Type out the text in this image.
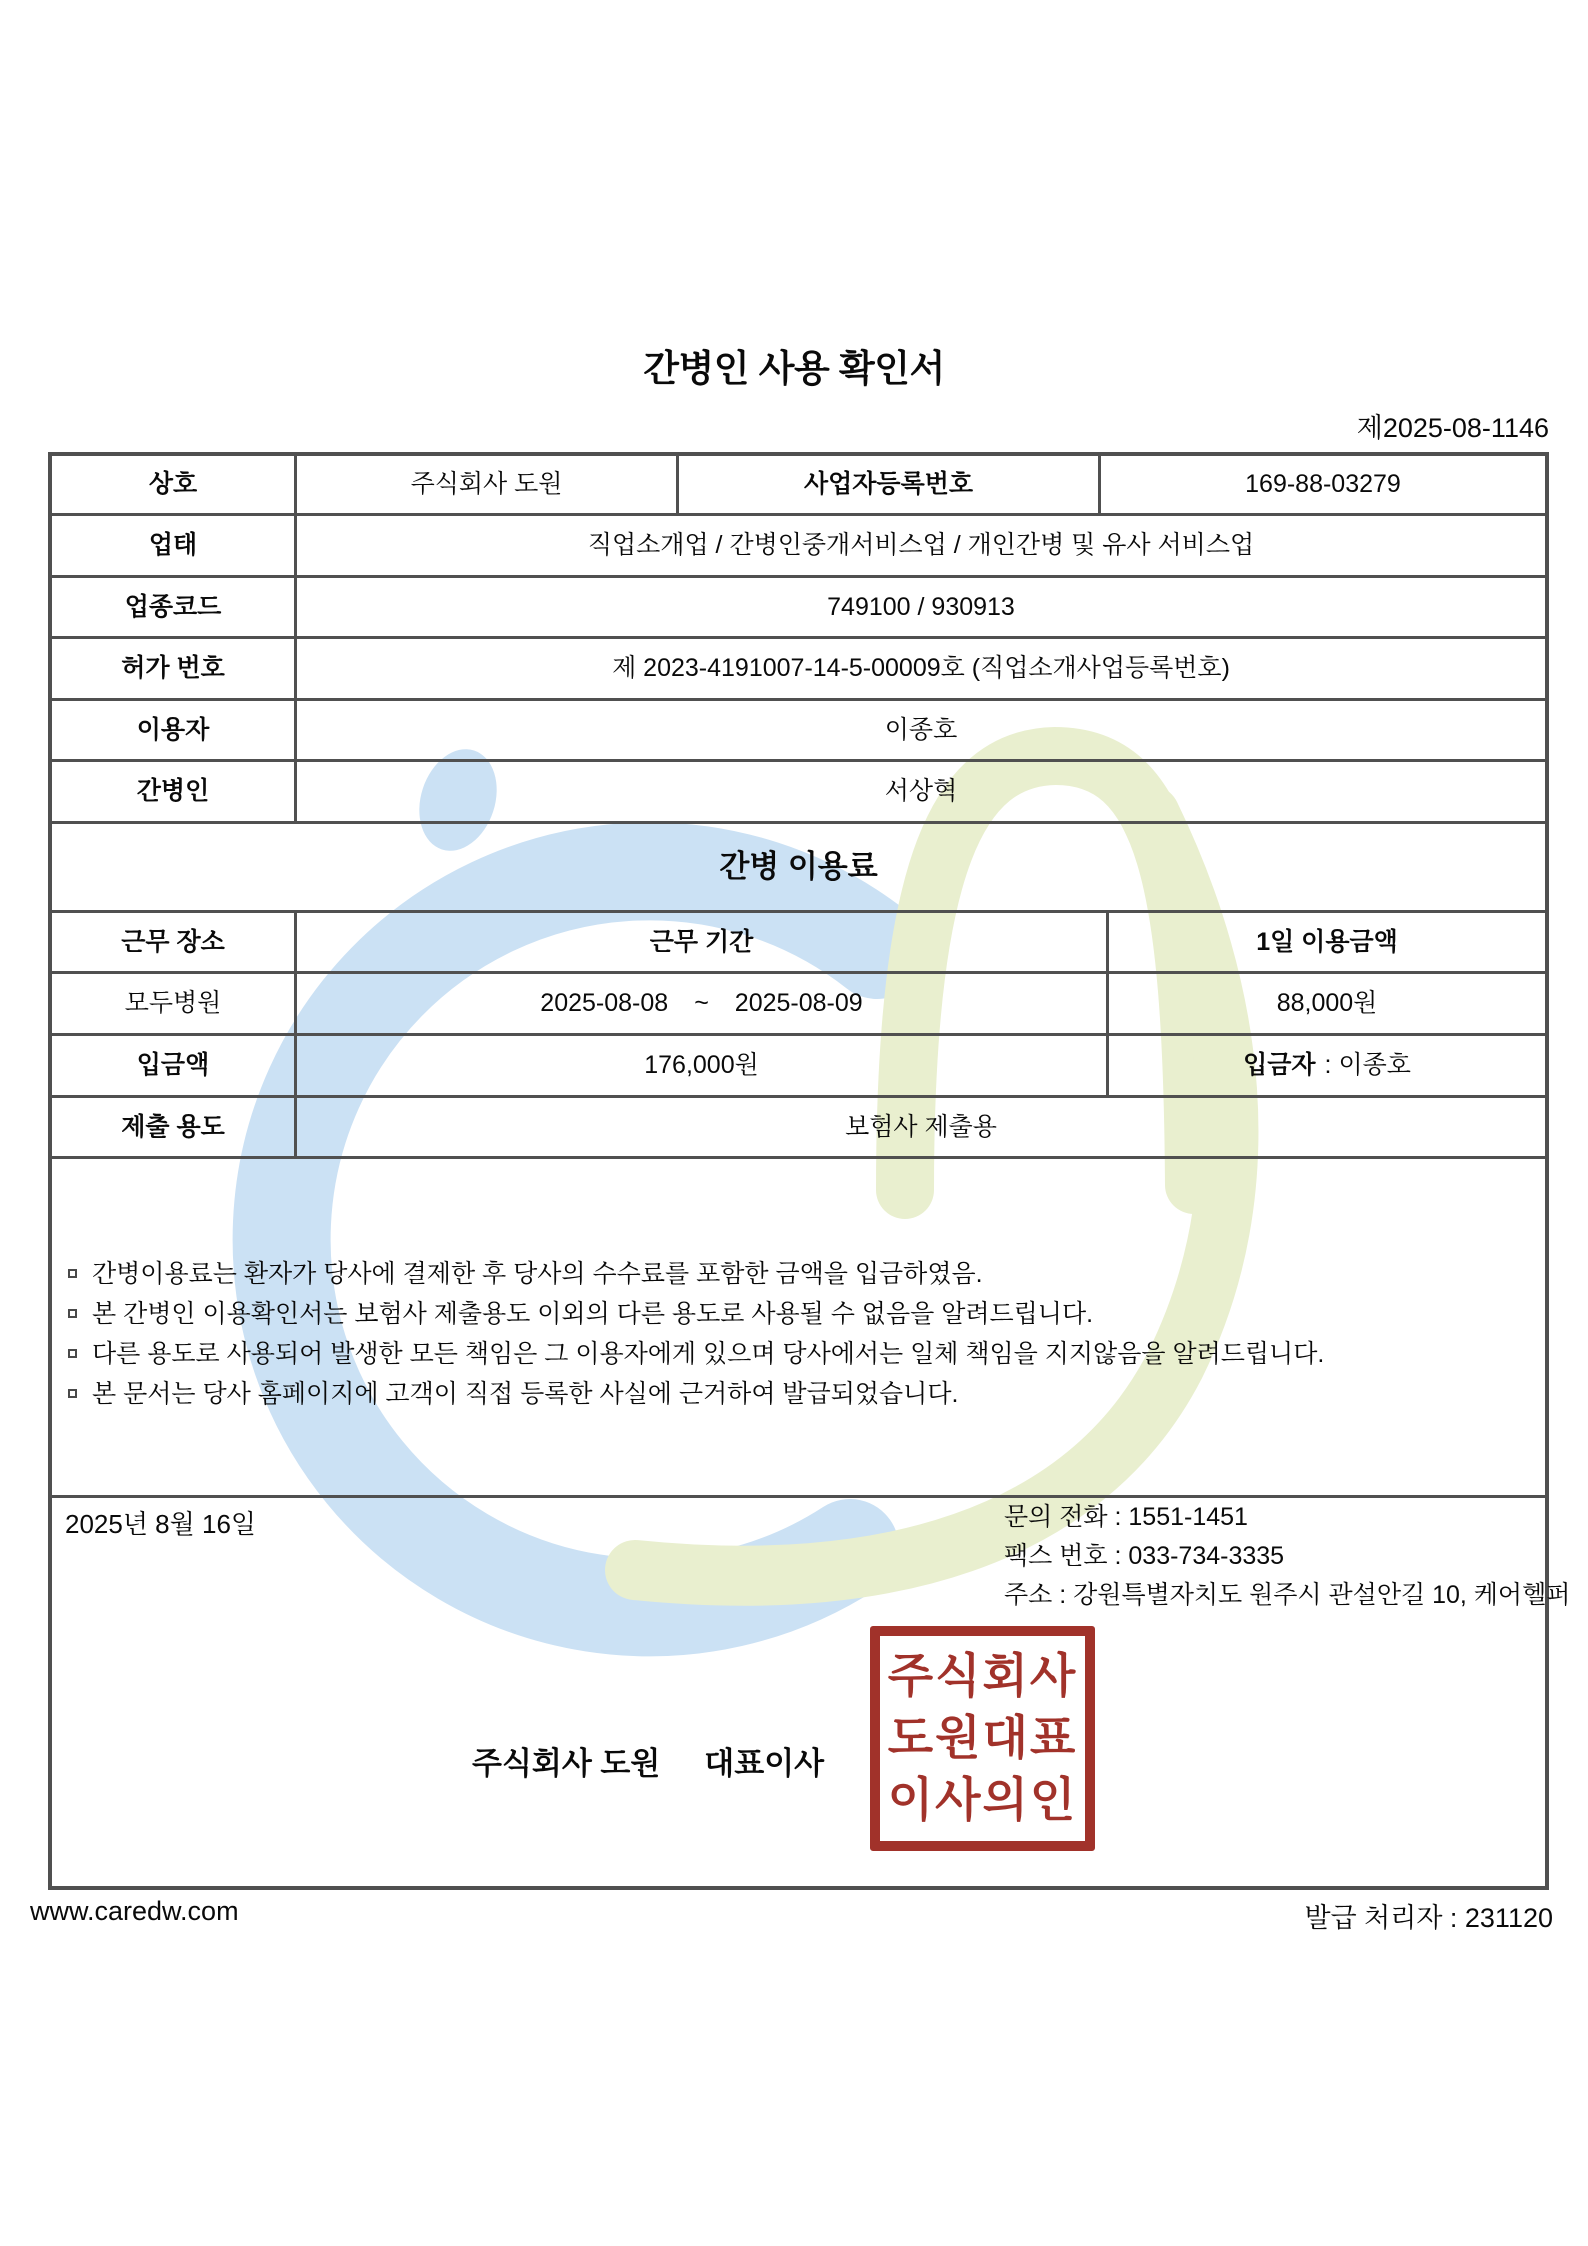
간병인 사용 확인서
제2025-08-1146
상호	주식회사 도원	사업자등록번호	169-88-03279
업태	직업소개업 / 간병인중개서비스업 / 개인간병 및 유사 서비스업
업종코드	749100 / 930913
허가 번호	제 2023-4191007-14-5-00009호 (직업소개사업등록번호)
이용자	이종호
간병인	서상혁
간병 이용료
근무 장소	근무 기간	1일 이용금액
모두병원	2025-08-08 ~ 2025-08-09	88,000원
입금액	176,000원	입금자 : 이종호
제출 용도	보험사 제출용
간병이용료는 환자가 당사에 결제한 후 당사의 수수료를 포함한 금액을 입금하였음.
본 간병인 이용확인서는 보험사 제출용도 이외의 다른 용도로 사용될 수 없음을 알려드립니다.
다른 용도로 사용되어 발생한 모든 책임은 그 이용자에게 있으며 당사에서는 일체 책임을 지지않음을 알려드립니다.
본 문서는 당사 홈페이지에 고객이 직접 등록한 사실에 근거하여 발급되었습니다.
2025년 8월 16일	문의 전화 : 1551-1451
팩스 번호 : 033-734-3335
주소 : 강원특별자치도 원주시 관설안길 10, 케어헬퍼
주식회사 도원 대표이사
주식회사
도원대표
이사의인
www.caredw.com	발급 처리자 : 231120
